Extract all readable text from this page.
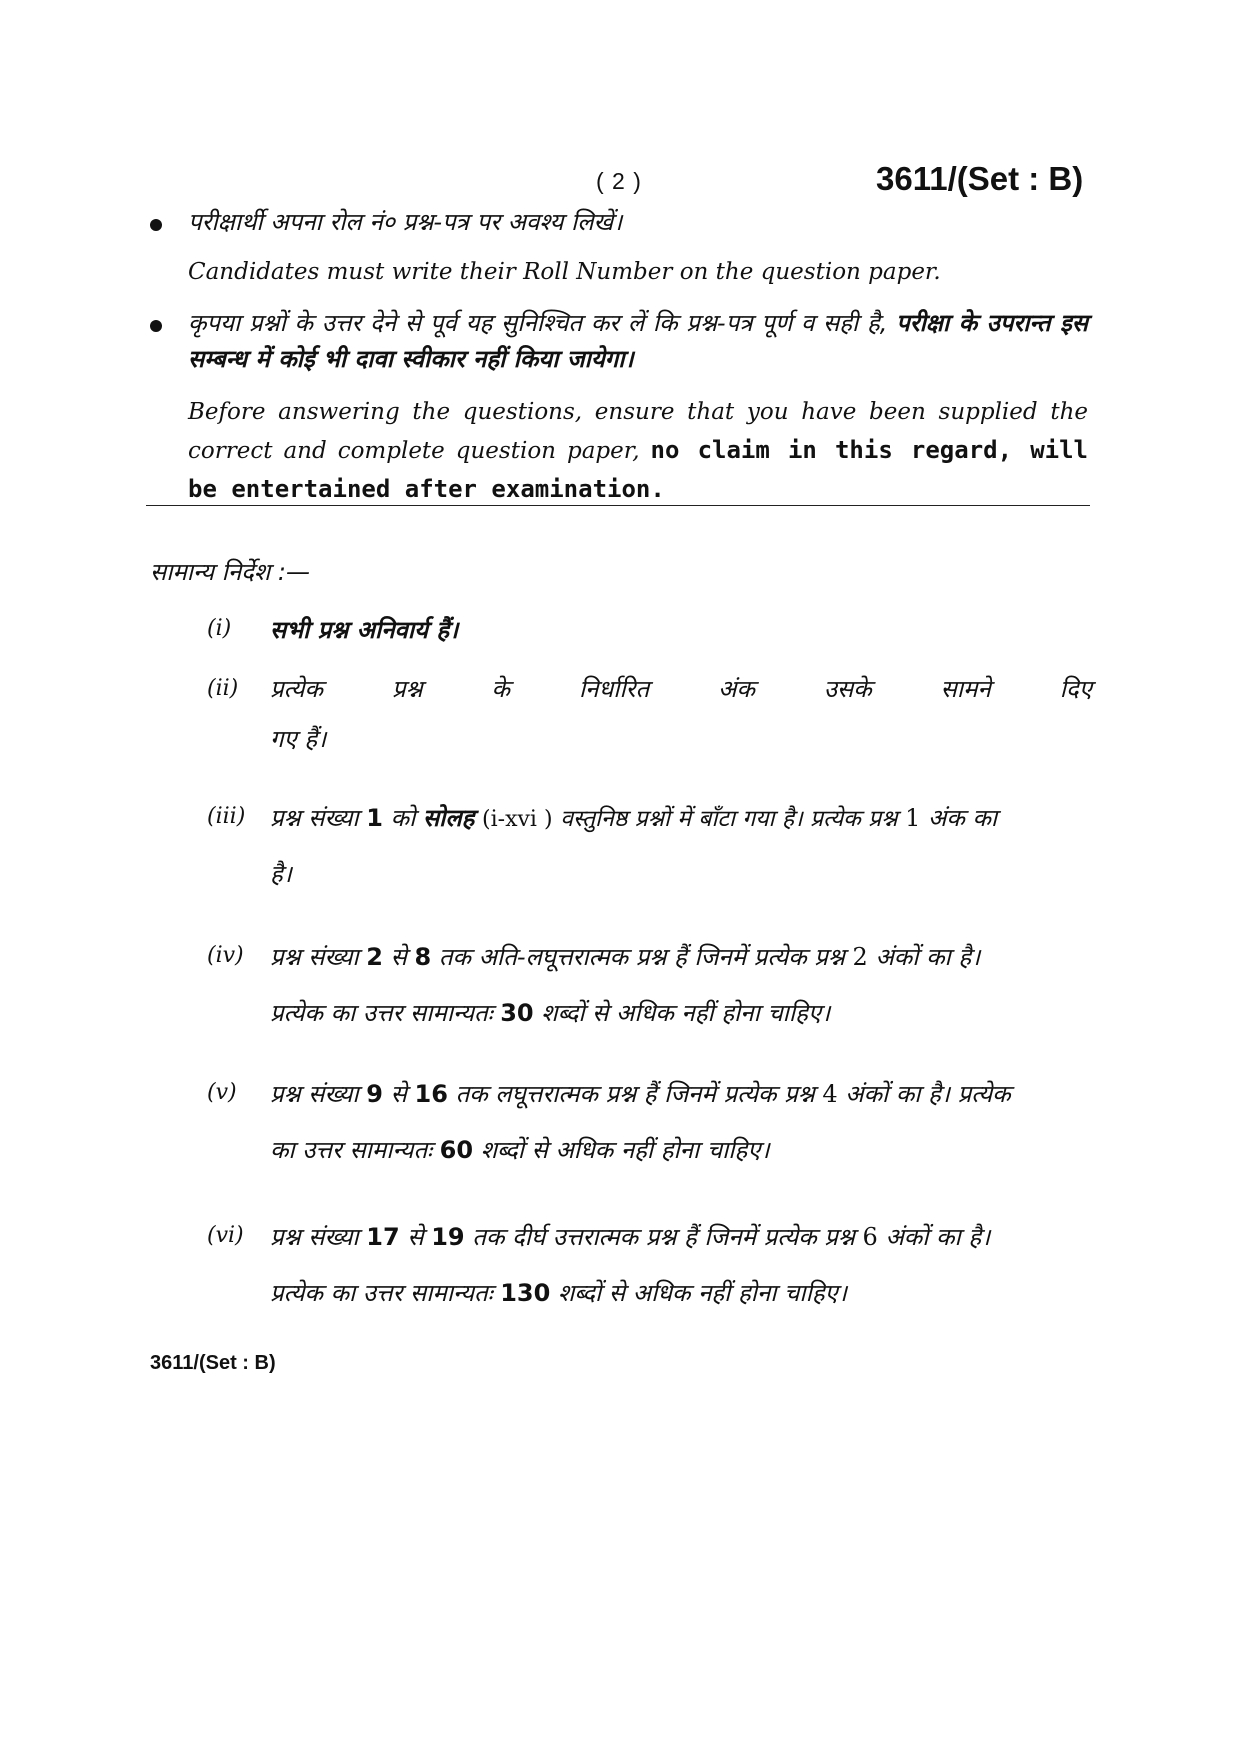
( 2 )	3611/(Set : B)
परीक्षार्थी अपना रोल नं० प्रश्न-पत्र पर अवश्य लिखें।
Candidates must write their Roll Number on the question paper.
कृपया प्रश्नों के उत्तर देने से पूर्व यह सुनिश्चित कर लें कि प्रश्न-पत्र पूर्ण व सही है, परीक्षा के उपरान्त इस सम्बन्ध में कोई भी दावा स्वीकार नहीं किया जायेगा।
Before answering the questions, ensure that you have been supplied the correct and complete question paper, no claim in this regard, will be entertained after examination.
सामान्य निर्देश :—
(i)	सभी प्रश्न अनिवार्य हैं।
(ii)	प्रत्येक	प्रश्न	के	निर्धारित	अंक	उसके	सामने	दिए
गए हैं।
(iii)	प्रश्न संख्या 1 को सोलह (i-xvi ) वस्तुनिष्ठ प्रश्नों में बाँटा गया है। प्रत्येक प्रश्न 1 अंक का
है।
(iv)	प्रश्न संख्या 2 से 8 तक अति-लघूत्तरात्मक प्रश्न हैं जिनमें प्रत्येक प्रश्न 2 अंकों का है।
प्रत्येक का उत्तर सामान्यतः 30 शब्दों से अधिक नहीं होना चाहिए।
(v)	प्रश्न संख्या 9 से 16 तक लघूत्तरात्मक प्रश्न हैं जिनमें प्रत्येक प्रश्न 4 अंकों का है। प्रत्येक
का उत्तर सामान्यतः 60 शब्दों से अधिक नहीं होना चाहिए।
(vi)	प्रश्न संख्या 17 से 19 तक दीर्घ उत्तरात्मक प्रश्न हैं जिनमें प्रत्येक प्रश्न 6 अंकों का है।
प्रत्येक का उत्तर सामान्यतः 130 शब्दों से अधिक नहीं होना चाहिए।
3611/(Set : B)
